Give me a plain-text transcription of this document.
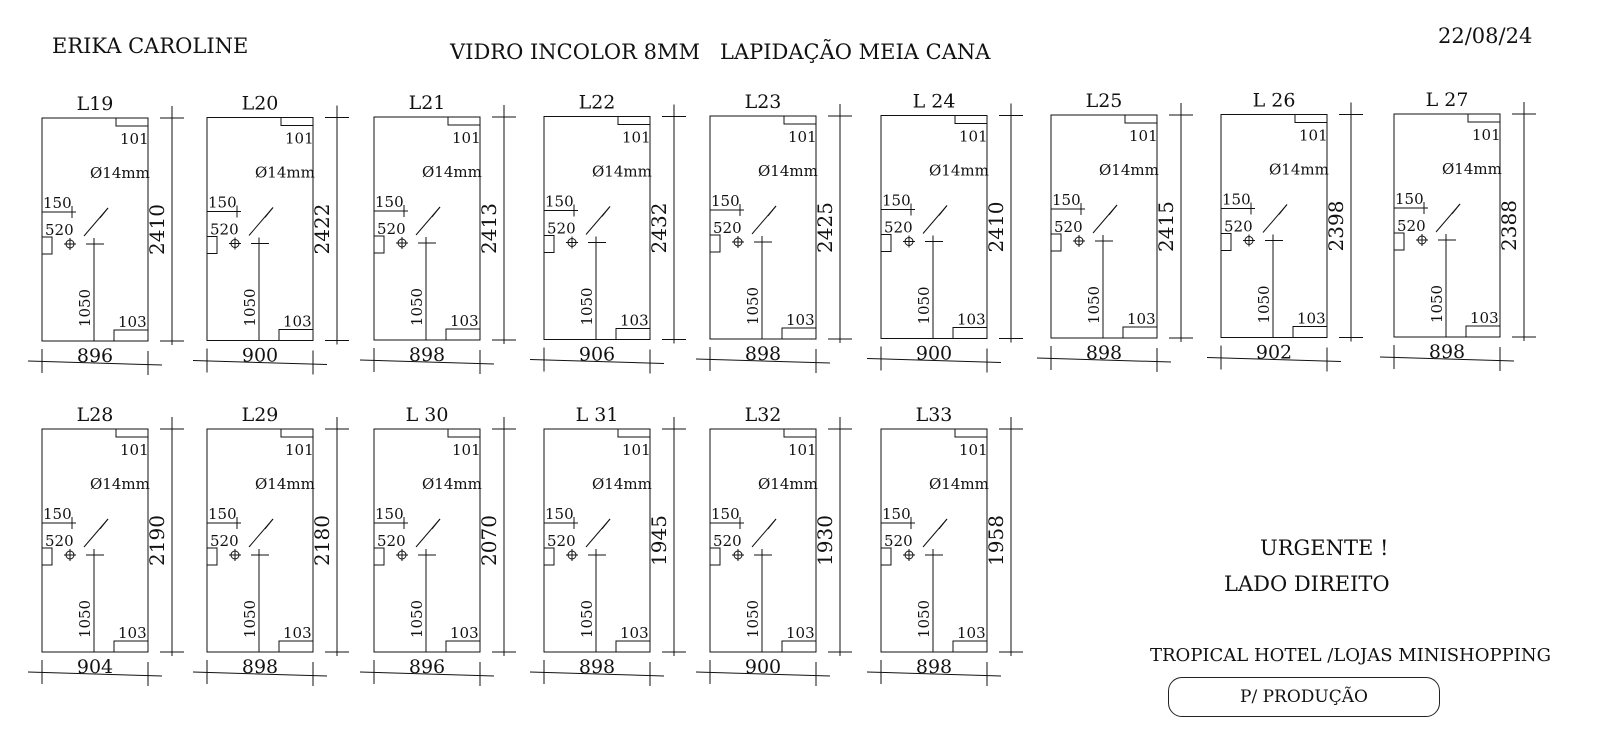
L19
101
103
Ø14mm
150
520
1050
2410
896
L20
101
103
Ø14mm
150
520
1050
2422
900
L21
101
103
Ø14mm
150
520
1050
2413
898
L22
101
103
Ø14mm
150
520
1050
2432
906
L23
101
103
Ø14mm
150
520
1050
2425
898
L 24
101
103
Ø14mm
150
520
1050
2410
900
L25
101
103
Ø14mm
150
520
1050
2415
898
L 26
101
103
Ø14mm
150
520
1050
2398
902
L 27
101
103
Ø14mm
150
520
1050
2388
898
L28
101
103
Ø14mm
150
520
1050
2190
904
L29
101
103
Ø14mm
150
520
1050
2180
898
L 30
101
103
Ø14mm
150
520
1050
2070
896
L 31
101
103
Ø14mm
150
520
1050
1945
898
L32
101
103
Ø14mm
150
520
1050
1930
900
L33
101
103
Ø14mm
150
520
1050
1958
898
ERIKA CAROLINE	VIDRO INCOLOR 8MM   LAPIDAÇÃO MEIA CANA
22/08/24
URGENTE !
LADO DIREITO
TROPICAL HOTEL /LOJAS MINISHOPPING
P/ PRODUÇÃO
